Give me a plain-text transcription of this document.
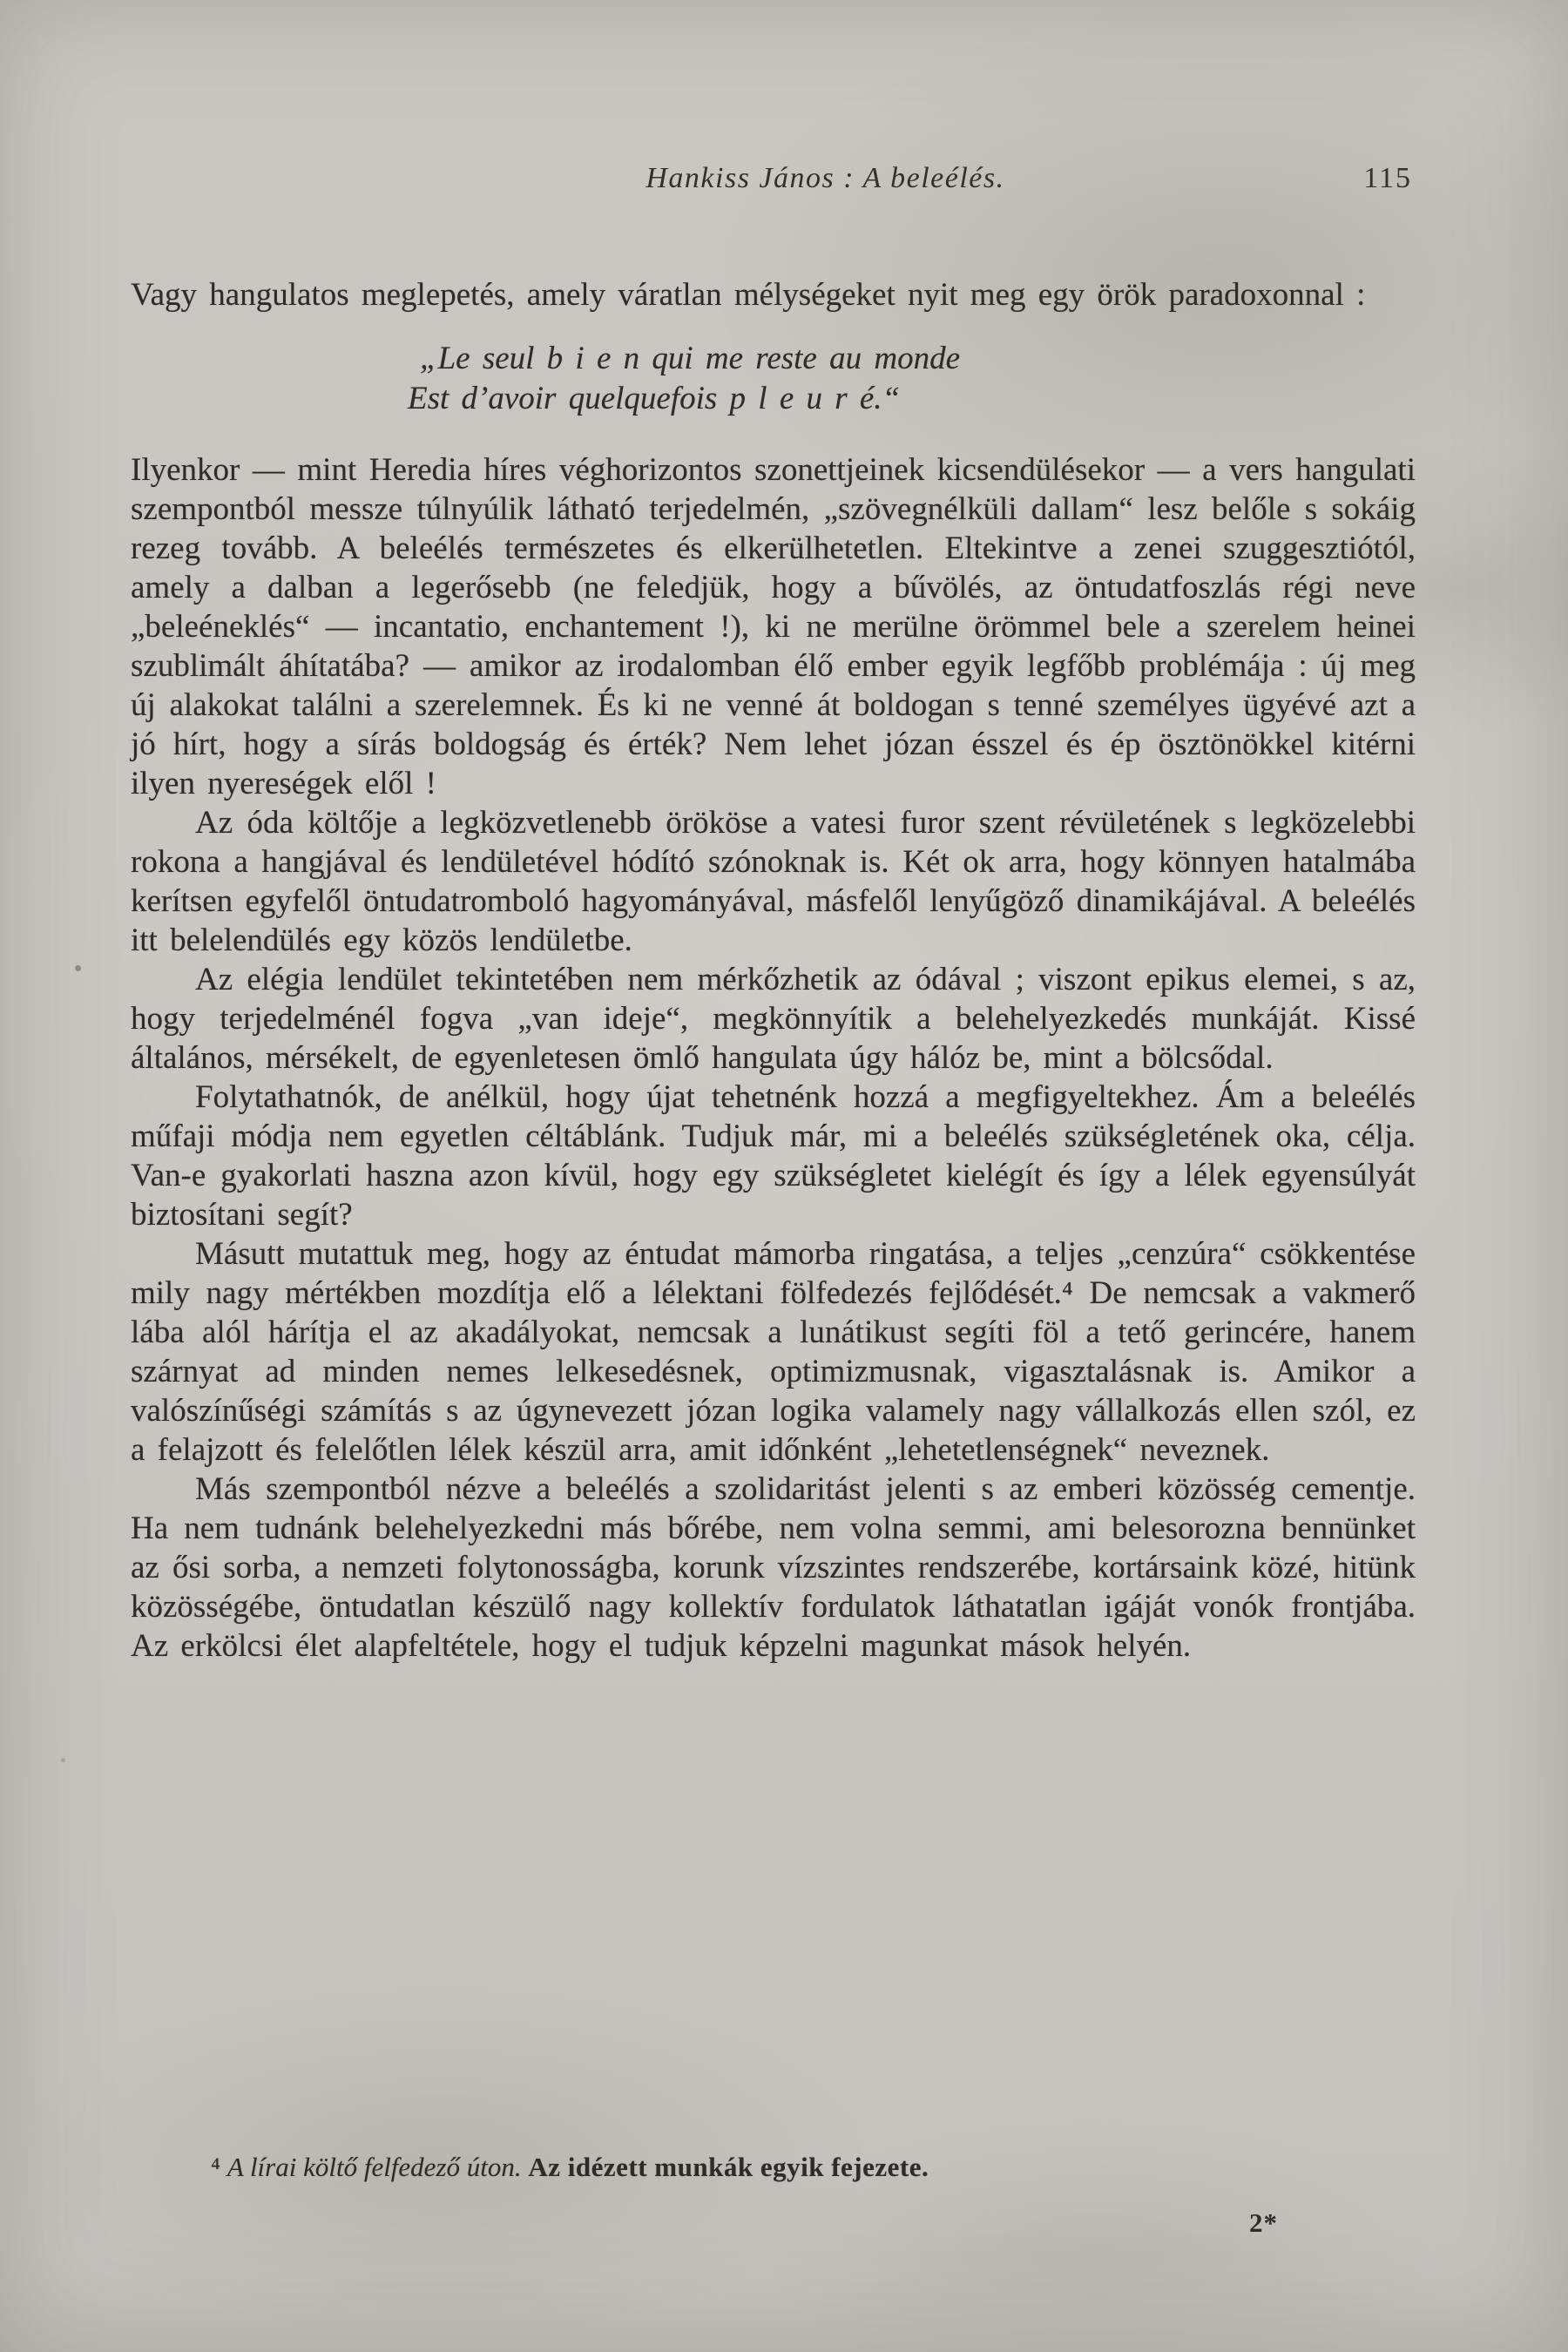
Hankiss János : A beleélés.	115

Vagy hangulatos meglepetés, amely váratlan mélységeket nyit meg egy örök paradoxonnal :

„Le seul b i e n qui me reste au monde
Est d’avoir quelquefois p l e u r é.“

Ilyenkor — mint Heredia híres véghorizontos szonettjeinek kicsendülésekor — a vers hangulati szempontból messze túlnyúlik látható terjedelmén, „szövegnélküli dallam“ lesz belőle s sokáig rezeg tovább. A beleélés természetes és elkerülhetetlen. Eltekintve a zenei szuggesztiótól, amely a dalban a legerősebb (ne feledjük, hogy a bűvölés, az öntudatfoszlás régi neve „beleéneklés“ — incantatio, enchantement !), ki ne merülne örömmel bele a szerelem heinei szublimált áhítatába? — amikor az irodalomban élő ember egyik legfőbb problémája : új meg új alakokat találni a szerelemnek. És ki ne venné át boldogan s tenné személyes ügyévé azt a jó hírt, hogy a sírás boldogság és érték? Nem lehet józan ésszel és ép ösztönökkel kitérni ilyen nyereségek elől !

Az óda költője a legközvetlenebb örököse a vatesi furor szent révületének s legközelebbi rokona a hangjával és lendületével hódító szónoknak is. Két ok arra, hogy könnyen hatalmába kerítsen egyfelől öntudatromboló hagyományával, másfelől lenyűgöző dinamikájával. A beleélés itt belelendülés egy közös lendületbe.

Az elégia lendület tekintetében nem mérkőzhetik az ódával ; viszont epikus elemei, s az, hogy terjedelménél fogva „van ideje“, megkönnyítik a belehelyezkedés munkáját. Kissé általános, mérsékelt, de egyenletesen ömlő hangulata úgy hálóz be, mint a bölcsődal.

Folytathatnók, de anélkül, hogy újat tehetnénk hozzá a megfigyeltekhez. Ám a beleélés műfaji módja nem egyetlen céltáblánk. Tudjuk már, mi a beleélés szükségletének oka, célja. Van-e gyakorlati haszna azon kívül, hogy egy szükségletet kielégít és így a lélek egyensúlyát biztosítani segít?

Másutt mutattuk meg, hogy az éntudat mámorba ringatása, a teljes „cenzúra“ csökkentése mily nagy mértékben mozdítja elő a lélektani fölfedezés fejlődését.⁴ De nemcsak a vakmerő lába alól hárítja el az akadályokat, nemcsak a lunátikust segíti föl a tető gerincére, hanem szárnyat ad minden nemes lelkesedésnek, optimizmusnak, vigasztalásnak is. Amikor a valószínűségi számítás s az úgynevezett józan logika valamely nagy vállalkozás ellen szól, ez a felajzott és felelőtlen lélek készül arra, amit időnként „lehetetlenségnek“ neveznek.

Más szempontból nézve a beleélés a szolidaritást jelenti s az emberi közösség cementje. Ha nem tudnánk belehelyezkedni más bőrébe, nem volna semmi, ami belesorozna bennünket az ősi sorba, a nemzeti folytonosságba, korunk vízszintes rendszerébe, kortársaink közé, hitünk közösségébe, öntudatlan készülő nagy kollektív fordulatok láthatatlan igáját vonók frontjába. Az erkölcsi élet alapfeltétele, hogy el tudjuk képzelni magunkat mások helyén.

⁴ A lírai költő felfedező úton. Az idézett munkák egyik fejezete.
2*
